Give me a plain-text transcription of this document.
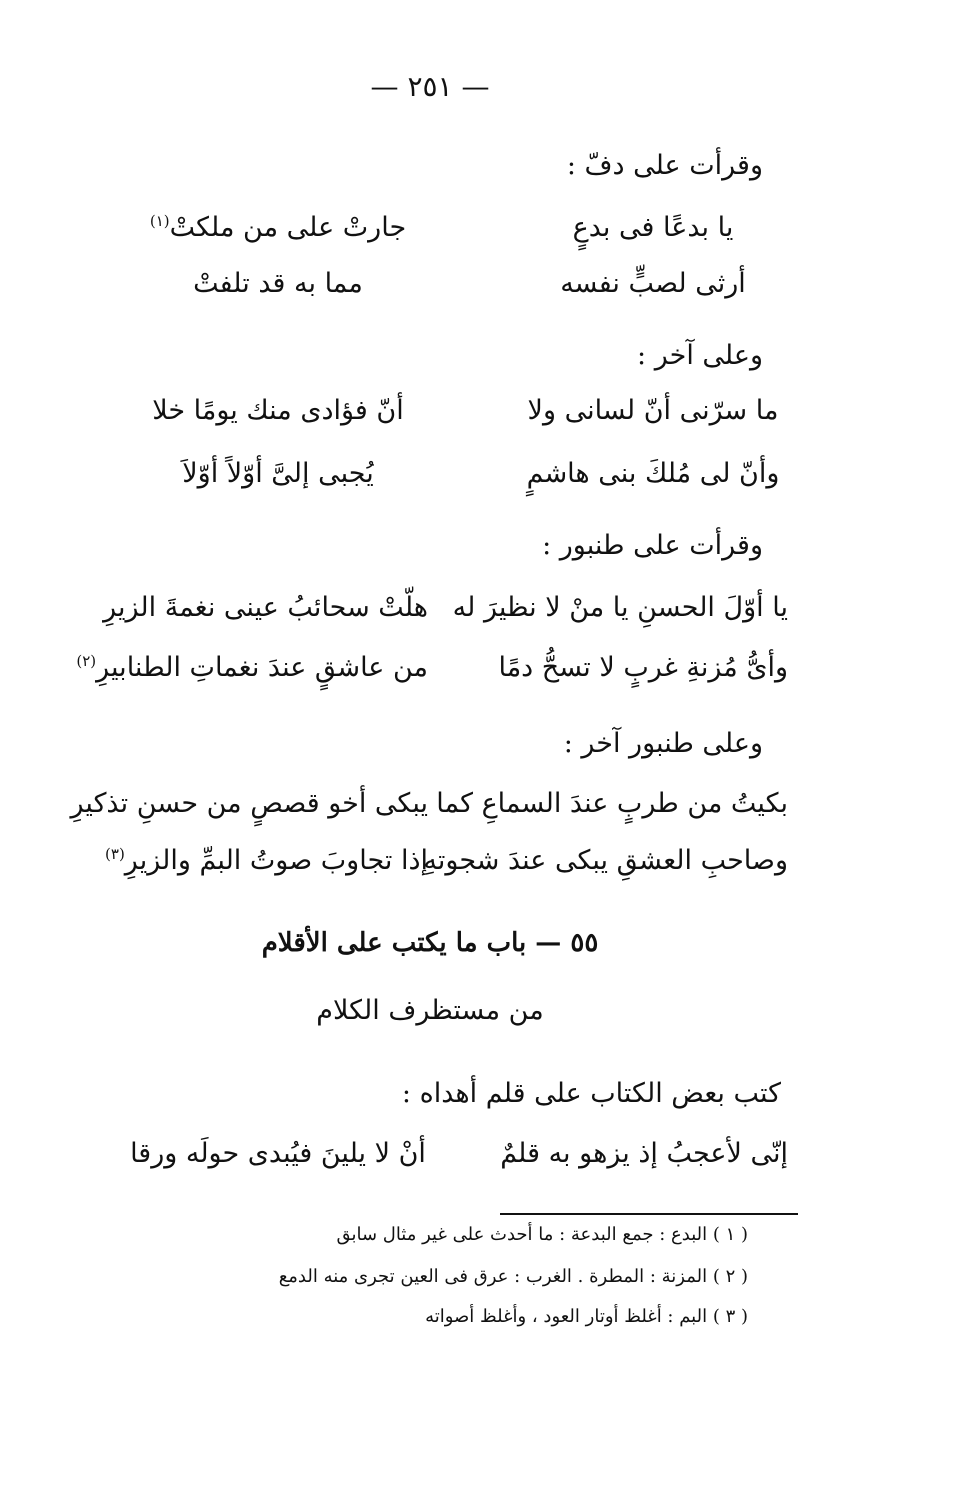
— ٢٥١ —
وقرأت على دفّ :
يا بدعًا فى بدعٍ
جارتْ على من ملكتْ$^{(١)}$
أرثى لصبٍّ نفسه
مما به قد تلفتْ
وعلى آخر :
ما سرّنى أنّ لسانى ولا
أنّ فؤادى منك يومًا خلا
وأنّ لى مُلكَ بنى هاشمٍ
يُجبى إلىَّ أوّلاً أوّلاَ
وقرأت على طنبور :
يا أوّلَ الحسنِ يا منْ لا نظيرَ له
هلّتْ سحائبُ عينى نغمةَ الزيرِ
وأىُّ مُزنةِ غربٍ لا تسحُّ دمًا
من عاشقٍ عندَ نغماتِ الطنابيرِ$^{(٢)}$
وعلى طنبور آخر :
بكيتُ من طربٍ عندَ السماعِ كما
يبكى أخو قصصٍ من حسنِ تذكيرِ
وصاحبِ العشقِ يبكى عندَ شجوتهِ
إذا تجاوبَ صوتُ البمِّ والزيرِ$^{(٣)}$
٥٥ — باب ما يكتب على الأقلام
من مستظرف الكلام
كتب بعض الكتاب على قلم أهداه :
إنّى لأعجبُ إذ يزهو به قلمٌ
أنْ لا يلينَ فيُبدى حولَه ورقا
( ١ ) البدع : جمع البدعة : ما أحدث على غير مثال سابق
( ٢ ) المزنة : المطرة . الغرب : عرق فى العين تجرى منه الدمع
( ٣ ) البم : أغلظ أوتار العود ، وأغلظ أصواته
